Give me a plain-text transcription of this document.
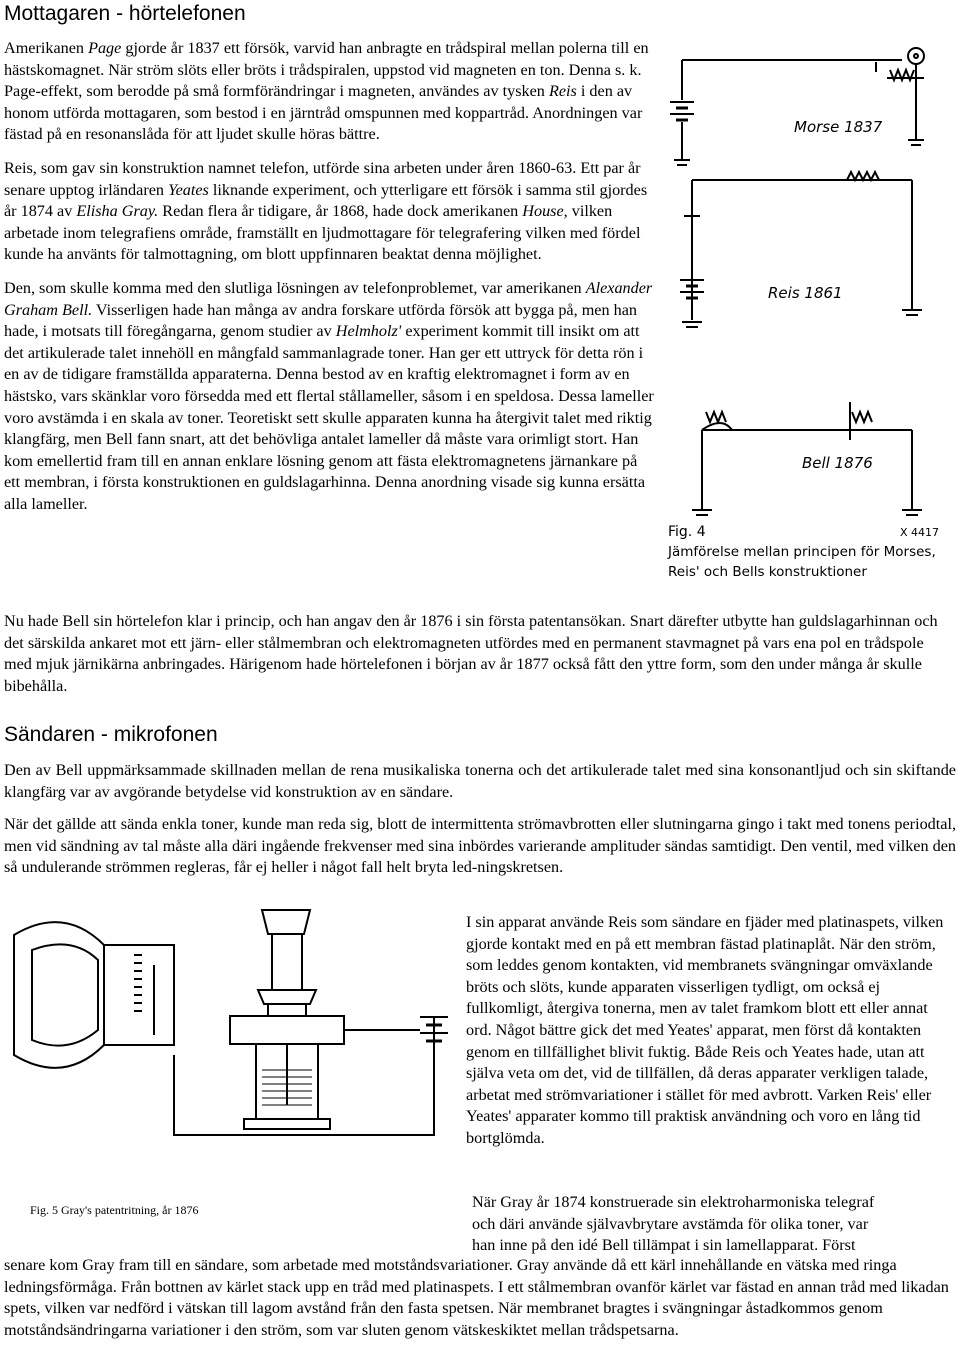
Mottagaren - hörtelefonen

Amerikanen Page gjorde år 1837 ett försök, varvid han anbragte en trådspiral mellan polerna till en hästskomagnet. När ström slöts eller bröts i trådspiralen, uppstod vid magneten en ton. Denna s. k. Page-effekt, som berodde på små formförändringar i magneten, användes av tysken Reis i den av honom utförda mottagaren, som bestod i en järntråd omspunnen med koppartråd. Anordningen var fästad på en resonanslåda för att ljudet skulle höras bättre.

Reis, som gav sin konstruktion namnet telefon, utförde sina arbeten under åren 1860-63. Ett par år senare upptog irländaren Yeates liknande experiment, och ytterligare ett försök i samma stil gjordes år 1874 av Elisha Gray. Redan flera år tidigare, år 1868, hade dock amerikanen House, vilken arbetade inom telegrafiens område, framställt en ljudmottagare för telegrafering vilken med fördel kunde ha använts för talmottagning, om blott uppfinnaren beaktat denna möjlighet.

Den, som skulle komma med den slutliga lösningen av telefonproblemet, var amerikanen Alexander Graham Bell. Visserligen hade han många av andra forskare utförda försök att bygga på, men han hade, i motsats till föregångarna, genom studier av Helmholz' experiment kommit till insikt om att det artikulerade talet innehöll en mångfald sammanlagrade toner. Han ger ett uttryck för detta rön i en av de tidigare framställda apparaterna. Denna bestod av en kraftig elektromagnet i form av en hästsko, vars skänklar voro försedda med ett flertal stållameller, såsom i en speldosa. Dessa lameller voro avstämda i en skala av toner. Teoretiskt sett skulle apparaten kunna ha återgivit talet med riktig klangfärg, men Bell fann snart, att det behövliga antalet lameller då måste vara orimligt stort. Han kom emellertid fram till en annan enklare lösning genom att fästa elektromagnetens järnankare på ett membran, i första konstruktionen en guldslagarhinna. Denna anordning visade sig kunna ersätta alla lameller.

Morse 1837
Reis 1861
Bell 1876
Fig. 4	X 4417
Jämförelse mellan principen för Morses,
Reis' och Bells konstruktioner

Nu hade Bell sin hörtelefon klar i princip, och han angav den år 1876 i sin första patentansökan. Snart därefter utbytte han guldslagarhinnan och det särskilda ankaret mot ett järn- eller stålmembran och elektromagneten utfördes med en permanent stavmagnet på vars ena pol en trådspole med mjuk järnikärna anbringades. Härigenom hade hörtelefonen i början av år 1877 också fått den yttre form, som den under många år skulle bibehålla.

Sändaren - mikrofonen

Den av Bell uppmärksammade skillnaden mellan de rena musikaliska tonerna och det artikulerade talet med sina konsonantljud och sin skiftande klangfärg var av avgörande betydelse vid konstruktion av en sändare.

När det gällde att sända enkla toner, kunde man reda sig, blott de intermittenta strömavbrotten eller slutningarna gingo i takt med tonens periodtal, men vid sändning av tal måste alla däri ingående frekvenser med sina inbördes varierande amplituder sändas samtidigt. Den ventil, med vilken den så undulerande strömmen regleras, får ej heller i något fall helt bryta led-ningskretsen.

Fig. 5 Gray's patentritning, år 1876

I sin apparat använde Reis som sändare en fjäder med platinaspets, vilken gjorde kontakt med en på ett membran fästad platinaplåt. När den ström, som leddes genom kontakten, vid membranets svängningar omväxlande bröts och slöts, kunde apparaten visserligen tydligt, om också ej fullkomligt, återgiva tonerna, men av talet framkom blott ett eller annat ord. Något bättre gick det med Yeates' apparat, men först då kontakten genom en tillfällighet blivit fuktig. Både Reis och Yeates hade, utan att själva veta om det, vid de tillfällen, då deras apparater verkligen talade, arbetat med strömvariationer i stället för med avbrott. Varken Reis' eller Yeates' apparater kommo till praktisk användning och voro en lång tid bortglömda.

När Gray år 1874 konstruerade sin elektroharmoniska telegraf
och däri använde självavbrytare avstämda för olika toner, var
han inne på den idé Bell tillämpat i sin lamellapparat. Först

senare kom Gray fram till en sändare, som arbetade med motståndsvariationer. Gray använde då ett kärl innehållande en vätska med ringa ledningsförmåga. Från bottnen av kärlet stack upp en tråd med platinaspets. I ett stålmembran ovanför kärlet var fästad en annan tråd med likadan spets, vilken var nedförd i vätskan till lagom avstånd från den fasta spetsen. När membranet bragtes i svängningar åstadkommos genom motståndsändringarna variationer i den ström, som var sluten genom vätskeskiktet mellan trådspetsarna.
